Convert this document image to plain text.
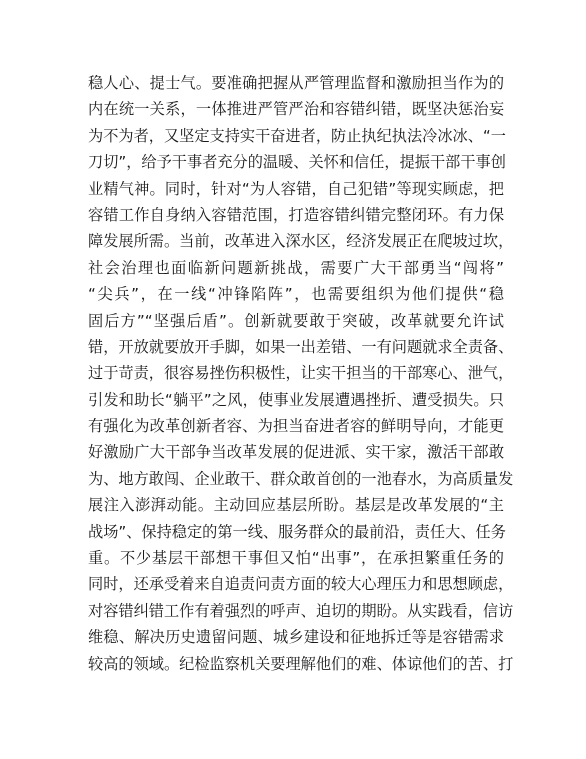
稳人心、提士气。要准确把握从严管理监督和激励担当作为的
内在统一关系，一体推进严管严治和容错纠错，既坚决惩治妄
为不为者，又坚定支持实干奋进者，防止执纪执法冷冰冰、“一
刀切”，给予干事者充分的温暖、关怀和信任，提振干部干事创
业精气神。同时，针对“为人容错，自己犯错”等现实顾虑，把
容错工作自身纳入容错范围，打造容错纠错完整闭环。有力保
障发展所需。当前，改革进入深水区，经济发展正在爬坡过坎，
社会治理也面临新问题新挑战，需要广大干部勇当“闯将”
“尖兵”，在一线“冲锋陷阵”，也需要组织为他们提供“稳
固后方”“坚强后盾”。创新就要敢于突破，改革就要允许试
错，开放就要放开手脚，如果一出差错、一有问题就求全责备、
过于苛责，很容易挫伤积极性，让实干担当的干部寒心、泄气，
引发和助长“躺平”之风，使事业发展遭遇挫折、遭受损失。只
有强化为改革创新者容、为担当奋进者容的鲜明导向，才能更
好激励广大干部争当改革发展的促进派、实干家，激活干部敢
为、地方敢闯、企业敢干、群众敢首创的一池春水，为高质量发
展注入澎湃动能。主动回应基层所盼。基层是改革发展的“主
战场”、保持稳定的第一线、服务群众的最前沿，责任大、任务
重。不少基层干部想干事但又怕“出事”，在承担繁重任务的
同时，还承受着来自追责问责方面的较大心理压力和思想顾虑，
对容错纠错工作有着强烈的呼声、迫切的期盼。从实践看，信访
维稳、解决历史遗留问题、城乡建设和征地拆迁等是容错需求
较高的领域。纪检监察机关要理解他们的难、体谅他们的苦、打
